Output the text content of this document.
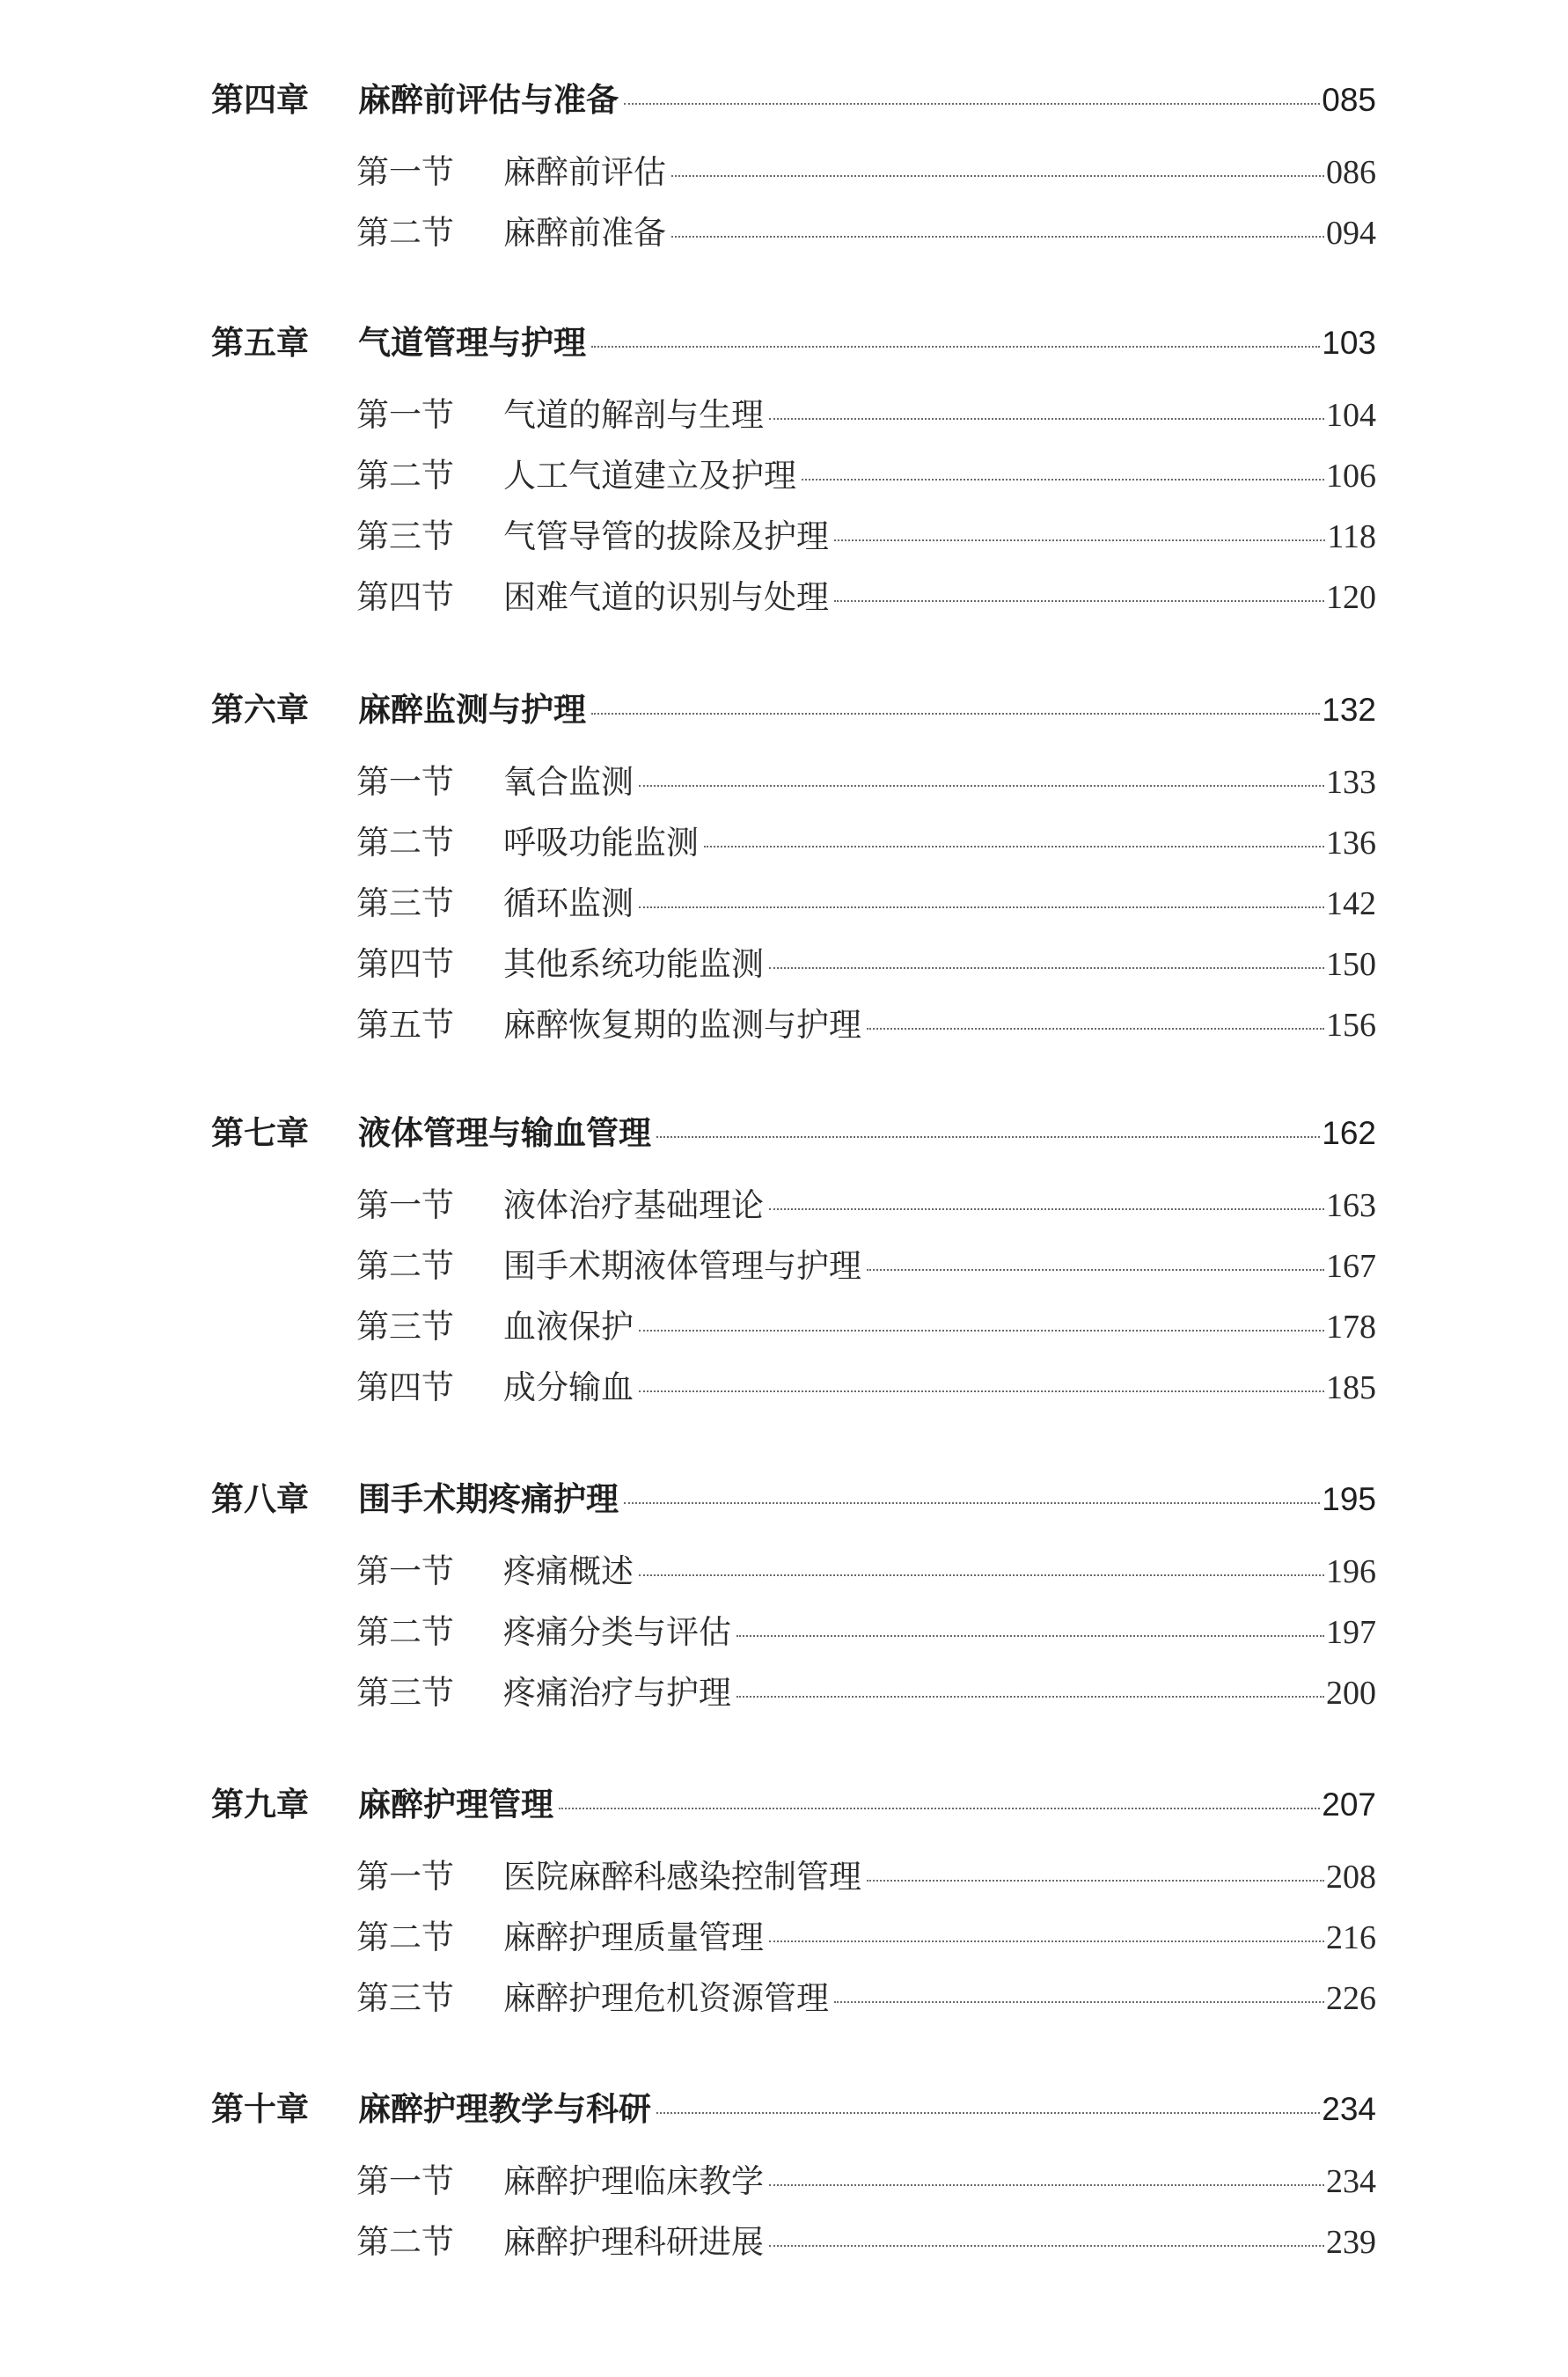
第四章	麻醉前评估与准备	085
第一节	麻醉前评估	086
第二节	麻醉前准备	094
第五章	气道管理与护理	103
第一节	气道的解剖与生理	104
第二节	人工气道建立及护理	106
第三节	气管导管的拔除及护理	118
第四节	困难气道的识别与处理	120
第六章	麻醉监测与护理	132
第一节	氧合监测	133
第二节	呼吸功能监测	136
第三节	循环监测	142
第四节	其他系统功能监测	150
第五节	麻醉恢复期的监测与护理	156
第七章	液体管理与输血管理	162
第一节	液体治疗基础理论	163
第二节	围手术期液体管理与护理	167
第三节	血液保护	178
第四节	成分输血	185
第八章	围手术期疼痛护理	195
第一节	疼痛概述	196
第二节	疼痛分类与评估	197
第三节	疼痛治疗与护理	200
第九章	麻醉护理管理	207
第一节	医院麻醉科感染控制管理	208
第二节	麻醉护理质量管理	216
第三节	麻醉护理危机资源管理	226
第十章	麻醉护理教学与科研	234
第一节	麻醉护理临床教学	234
第二节	麻醉护理科研进展	239
